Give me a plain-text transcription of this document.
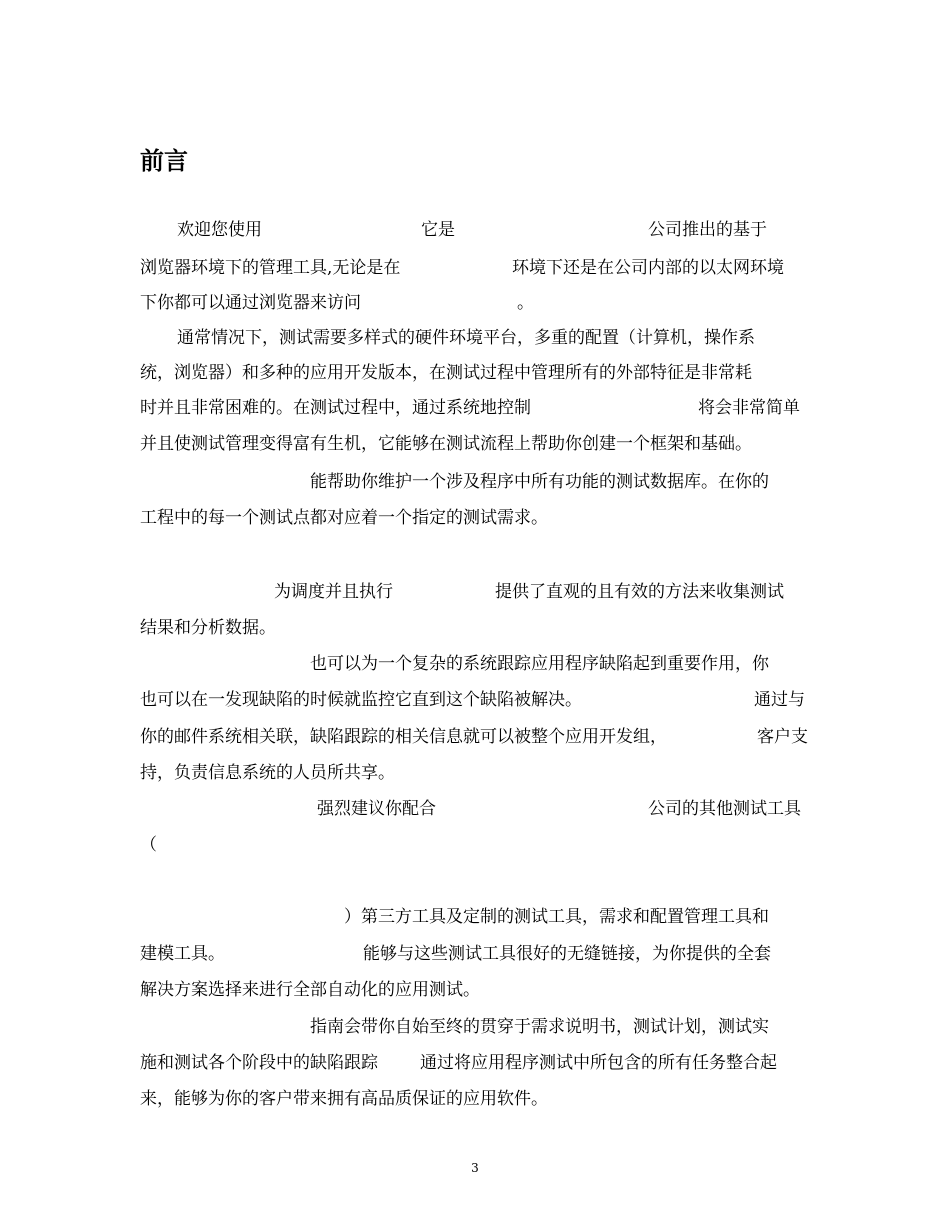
前言
欢迎您使用	它是	公司推出的基于
浏览器环境下的管理工具,无论是在	环境下还是在公司内部的以太网环境
下你都可以通过浏览器来访问	。
通常情况下，测试需要多样式的硬件环境平台，多重的配置（计算机，操作系
统，浏览器）和多种的应用开发版本，在测试过程中管理所有的外部特征是非常耗
时并且非常困难的。在测试过程中，通过系统地控制	将会非常简单
并且使测试管理变得富有生机，它能够在测试流程上帮助你创建一个框架和基础。
能帮助你维护一个涉及程序中所有功能的测试数据库。在你的
工程中的每一个测试点都对应着一个指定的测试需求。
为调度并且执行	提供了直观的且有效的方法来收集测试
结果和分析数据。
也可以为一个复杂的系统跟踪应用程序缺陷起到重要作用，你
也可以在一发现缺陷的时候就监控它直到这个缺陷被解决。	通过与
你的邮件系统相关联，缺陷跟踪的相关信息就可以被整个应用开发组，	客户支
持，负责信息系统的人员所共享。
强烈建议你配合	公司的其他测试工具
（
）第三方工具及定制的测试工具，需求和配置管理工具和
建模工具。	能够与这些测试工具很好的无缝链接，为你提供的全套
解决方案选择来进行全部自动化的应用测试。
指南会带你自始至终的贯穿于需求说明书，测试计划，测试实
施和测试各个阶段中的缺陷跟踪 通过将应用程序测试中所包含的所有任务整合起
来，能够为你的客户带来拥有高品质保证的应用软件。
3
